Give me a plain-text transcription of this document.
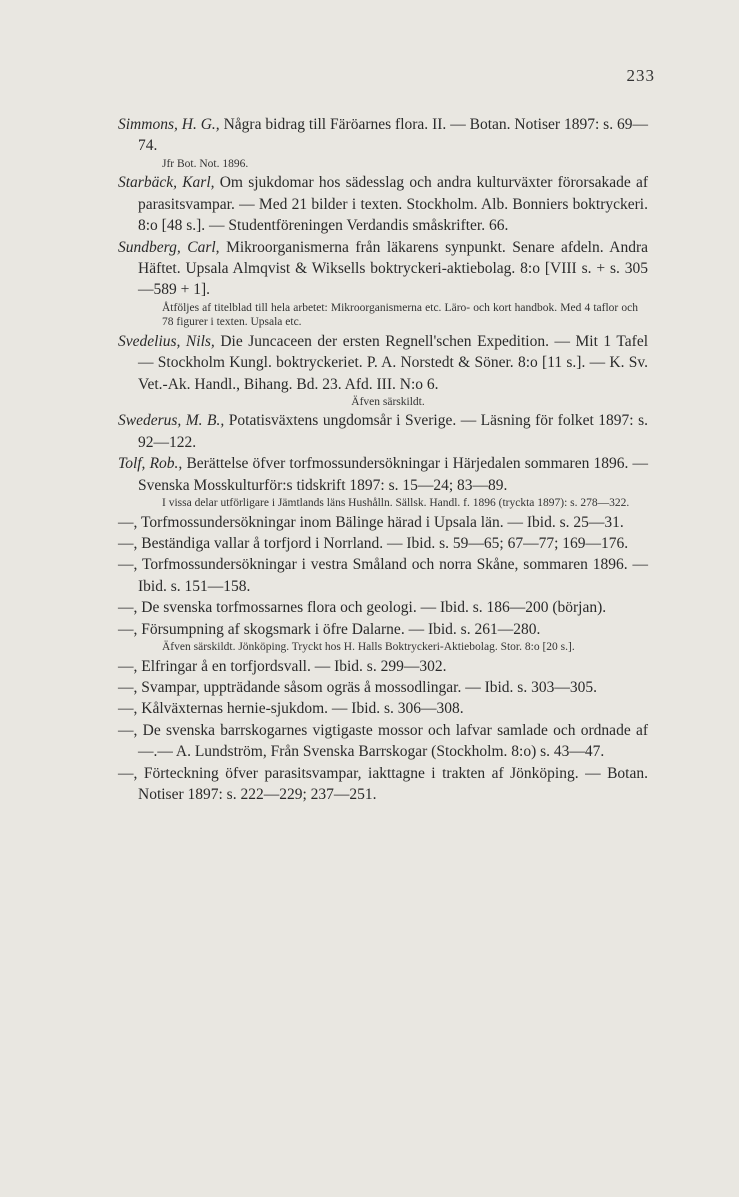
233

Simmons, H. G., Några bidrag till Färöarnes flora. II. — Botan. Notiser 1897: s. 69—74.

Jfr Bot. Not. 1896.

Starbäck, Karl, Om sjukdomar hos sädesslag och andra kulturväxter förorsakade af parasitsvampar. — Med 21 bilder i texten. Stockholm. Alb. Bonniers boktryckeri. 8:o [48 s.]. — Studentföreningen Verdandis småskrifter. 66.

Sundberg, Carl, Mikroorganismerna från läkarens synpunkt. Senare afdeln. Andra Häftet. Upsala Almqvist & Wiksells boktryckeri-aktiebolag. 8:o [VIII s. + s. 305—589 + 1].

Åtföljes af titelblad till hela arbetet: Mikroorganismerna etc. Läro- och kort handbok. Med 4 taflor och 78 figurer i texten. Upsala etc.

Svedelius, Nils, Die Juncaceen der ersten Regnell'schen Expedition. — Mit 1 Tafel — Stockholm Kungl. boktryckeriet. P. A. Norstedt & Söner. 8:o [11 s.]. — K. Sv. Vet.-Ak. Handl., Bihang. Bd. 23. Afd. III. N:o 6.

Äfven särskildt.

Swederus, M. B., Potatisväxtens ungdomsår i Sverige. — Läsning för folket 1897: s. 92—122.

Tolf, Rob., Berättelse öfver torfmossundersökningar i Härjedalen sommaren 1896. — Svenska Mosskulturför:s tidskrift 1897: s. 15—24; 83—89.

I vissa delar utförligare i Jämtlands läns Hushålln. Sällsk. Handl. f. 1896 (tryckta 1897): s. 278—322.

—, Torfmossundersökningar inom Bälinge härad i Upsala län. — Ibid. s. 25—31.

—, Beständiga vallar å torfjord i Norrland. — Ibid. s. 59—65; 67—77; 169—176.

—, Torfmossundersökningar i vestra Småland och norra Skåne, sommaren 1896. — Ibid. s. 151—158.

—, De svenska torfmossarnes flora och geologi. — Ibid. s. 186—200 (början).

—, Försumpning af skogsmark i öfre Dalarne. — Ibid. s. 261—280.

Äfven särskildt. Jönköping. Tryckt hos H. Halls Boktryckeri-Aktiebolag. Stor. 8:o [20 s.].

—, Elfringar å en torfjordsvall. — Ibid. s. 299—302.

—, Svampar, uppträdande såsom ogräs å mossodlingar. — Ibid. s. 303—305.

—, Kålväxternas hernie-sjukdom. — Ibid. s. 306—308.

—, De svenska barrskogarnes vigtigaste mossor och lafvar samlade och ordnade af —.— A. Lundström, Från Svenska Barrskogar (Stockholm. 8:o) s. 43—47.

—, Förteckning öfver parasitsvampar, iakttagne i trakten af Jönköping. — Botan. Notiser 1897: s. 222—229; 237—251.
